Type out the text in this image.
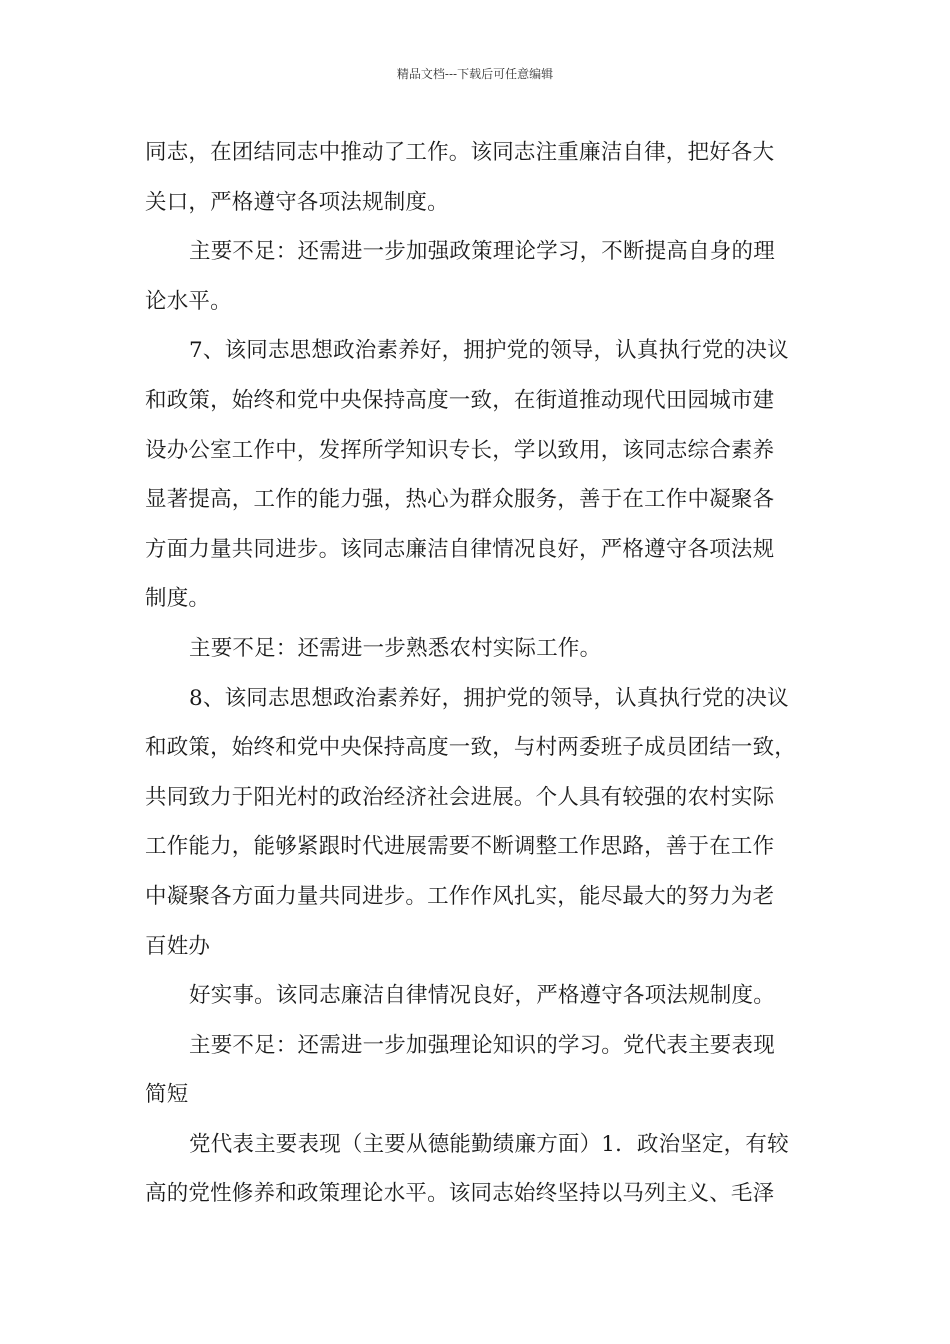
精品文档---下载后可任意编辑
同志，在团结同志中推动了工作。该同志注重廉洁自律，把好各大
关口，严格遵守各项法规制度。
主要不足：还需进一步加强政策理论学习，不断提高自身的理
论水平。
7、该同志思想政治素养好，拥护党的领导，认真执行党的决议
和政策，始终和党中央保持高度一致，在街道推动现代田园城市建
设办公室工作中，发挥所学知识专长，学以致用，该同志综合素养
显著提高，工作的能力强，热心为群众服务，善于在工作中凝聚各
方面力量共同进步。该同志廉洁自律情况良好，严格遵守各项法规
制度。
主要不足：还需进一步熟悉农村实际工作。
8、该同志思想政治素养好，拥护党的领导，认真执行党的决议
和政策，始终和党中央保持高度一致，与村两委班子成员团结一致，
共同致力于阳光村的政治经济社会进展。个人具有较强的农村实际
工作能力，能够紧跟时代进展需要不断调整工作思路，善于在工作
中凝聚各方面力量共同进步。工作作风扎实，能尽最大的努力为老
百姓办
好实事。该同志廉洁自律情况良好，严格遵守各项法规制度。
主要不足：还需进一步加强理论知识的学习。党代表主要表现
简短
党代表主要表现（主要从德能勤绩廉方面）1．政治坚定，有较
高的党性修养和政策理论水平。该同志始终坚持以马列主义、毛泽
